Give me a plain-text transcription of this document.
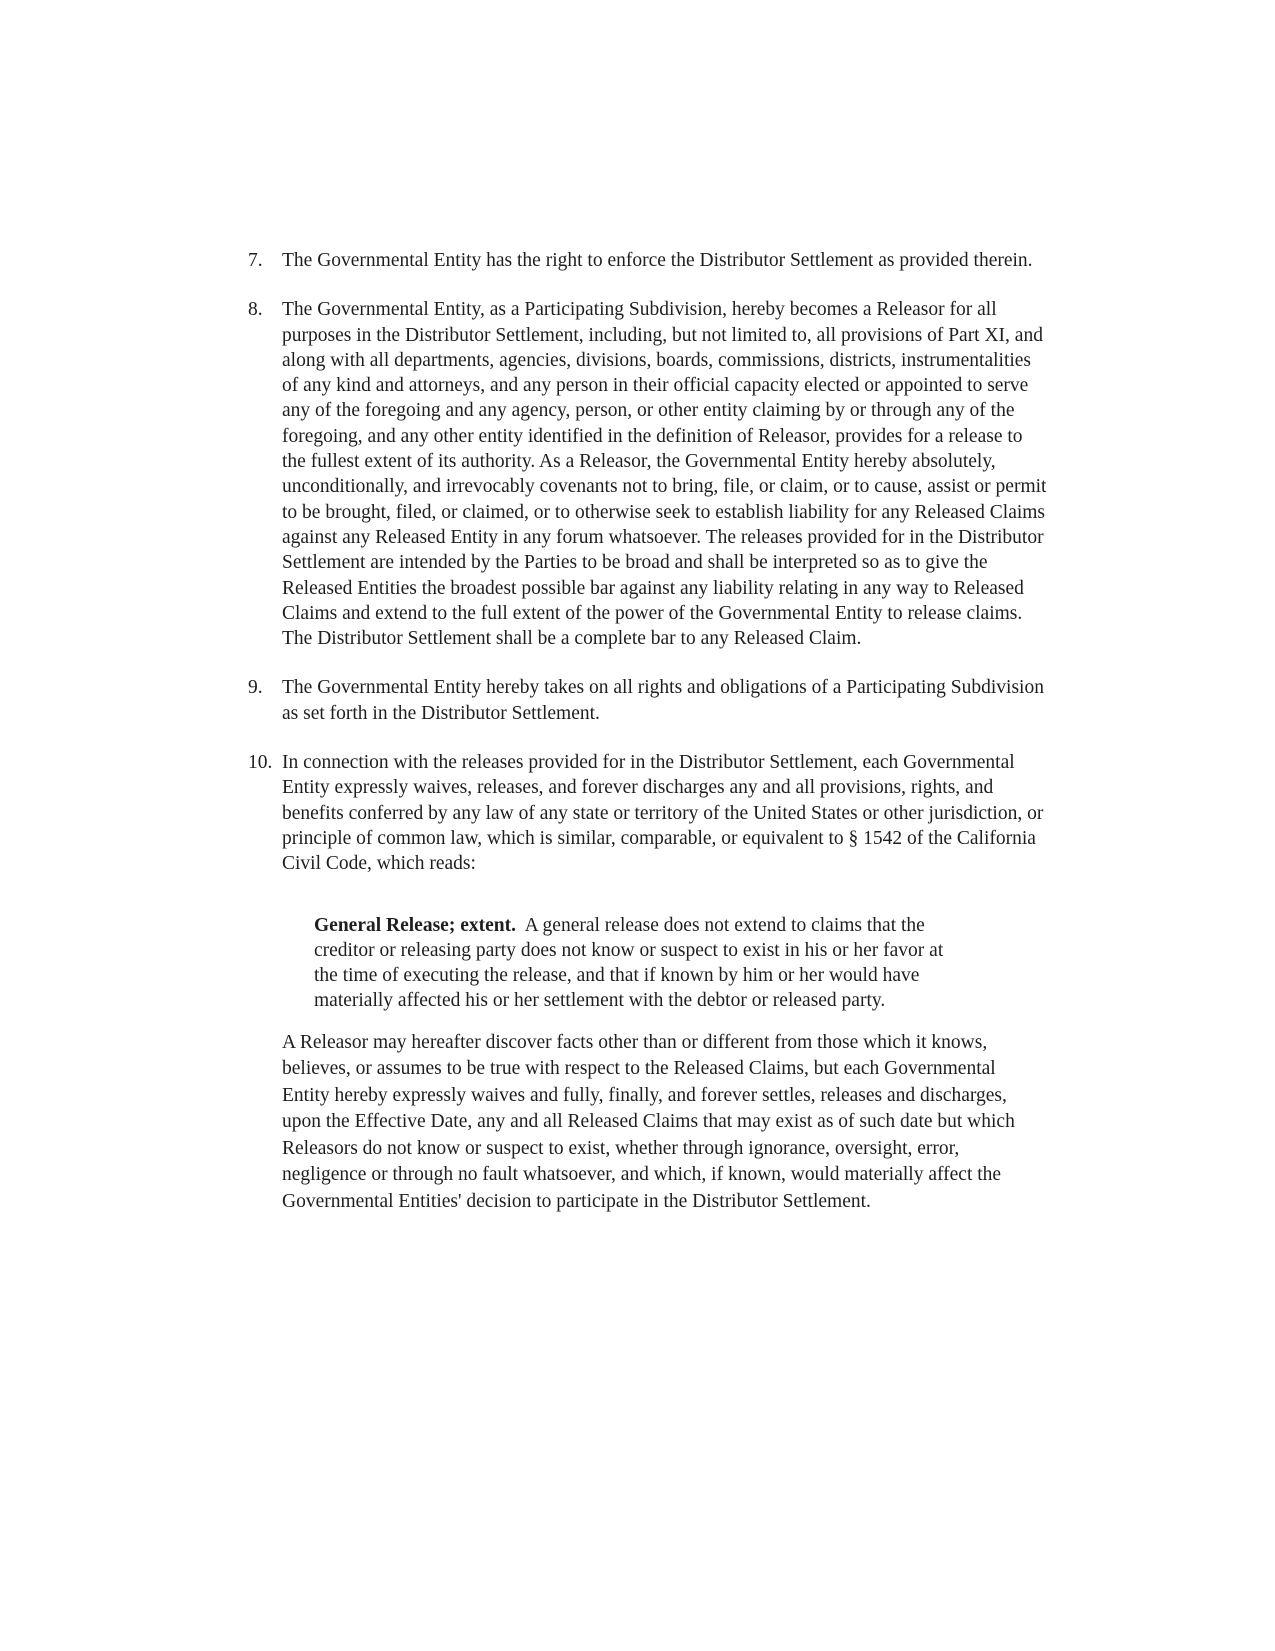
7. The Governmental Entity has the right to enforce the Distributor Settlement as provided therein.
8. The Governmental Entity, as a Participating Subdivision, hereby becomes a Releasor for all purposes in the Distributor Settlement, including, but not limited to, all provisions of Part XI, and along with all departments, agencies, divisions, boards, commissions, districts, instrumentalities of any kind and attorneys, and any person in their official capacity elected or appointed to serve any of the foregoing and any agency, person, or other entity claiming by or through any of the foregoing, and any other entity identified in the definition of Releasor, provides for a release to the fullest extent of its authority. As a Releasor, the Governmental Entity hereby absolutely, unconditionally, and irrevocably covenants not to bring, file, or claim, or to cause, assist or permit to be brought, filed, or claimed, or to otherwise seek to establish liability for any Released Claims against any Released Entity in any forum whatsoever. The releases provided for in the Distributor Settlement are intended by the Parties to be broad and shall be interpreted so as to give the Released Entities the broadest possible bar against any liability relating in any way to Released Claims and extend to the full extent of the power of the Governmental Entity to release claims. The Distributor Settlement shall be a complete bar to any Released Claim.
9. The Governmental Entity hereby takes on all rights and obligations of a Participating Subdivision as set forth in the Distributor Settlement.
10. In connection with the releases provided for in the Distributor Settlement, each Governmental Entity expressly waives, releases, and forever discharges any and all provisions, rights, and benefits conferred by any law of any state or territory of the United States or other jurisdiction, or principle of common law, which is similar, comparable, or equivalent to § 1542 of the California Civil Code, which reads:
General Release; extent. A general release does not extend to claims that the creditor or releasing party does not know or suspect to exist in his or her favor at the time of executing the release, and that if known by him or her would have materially affected his or her settlement with the debtor or released party.
A Releasor may hereafter discover facts other than or different from those which it knows, believes, or assumes to be true with respect to the Released Claims, but each Governmental Entity hereby expressly waives and fully, finally, and forever settles, releases and discharges, upon the Effective Date, any and all Released Claims that may exist as of such date but which Releasors do not know or suspect to exist, whether through ignorance, oversight, error, negligence or through no fault whatsoever, and which, if known, would materially affect the Governmental Entities' decision to participate in the Distributor Settlement.
